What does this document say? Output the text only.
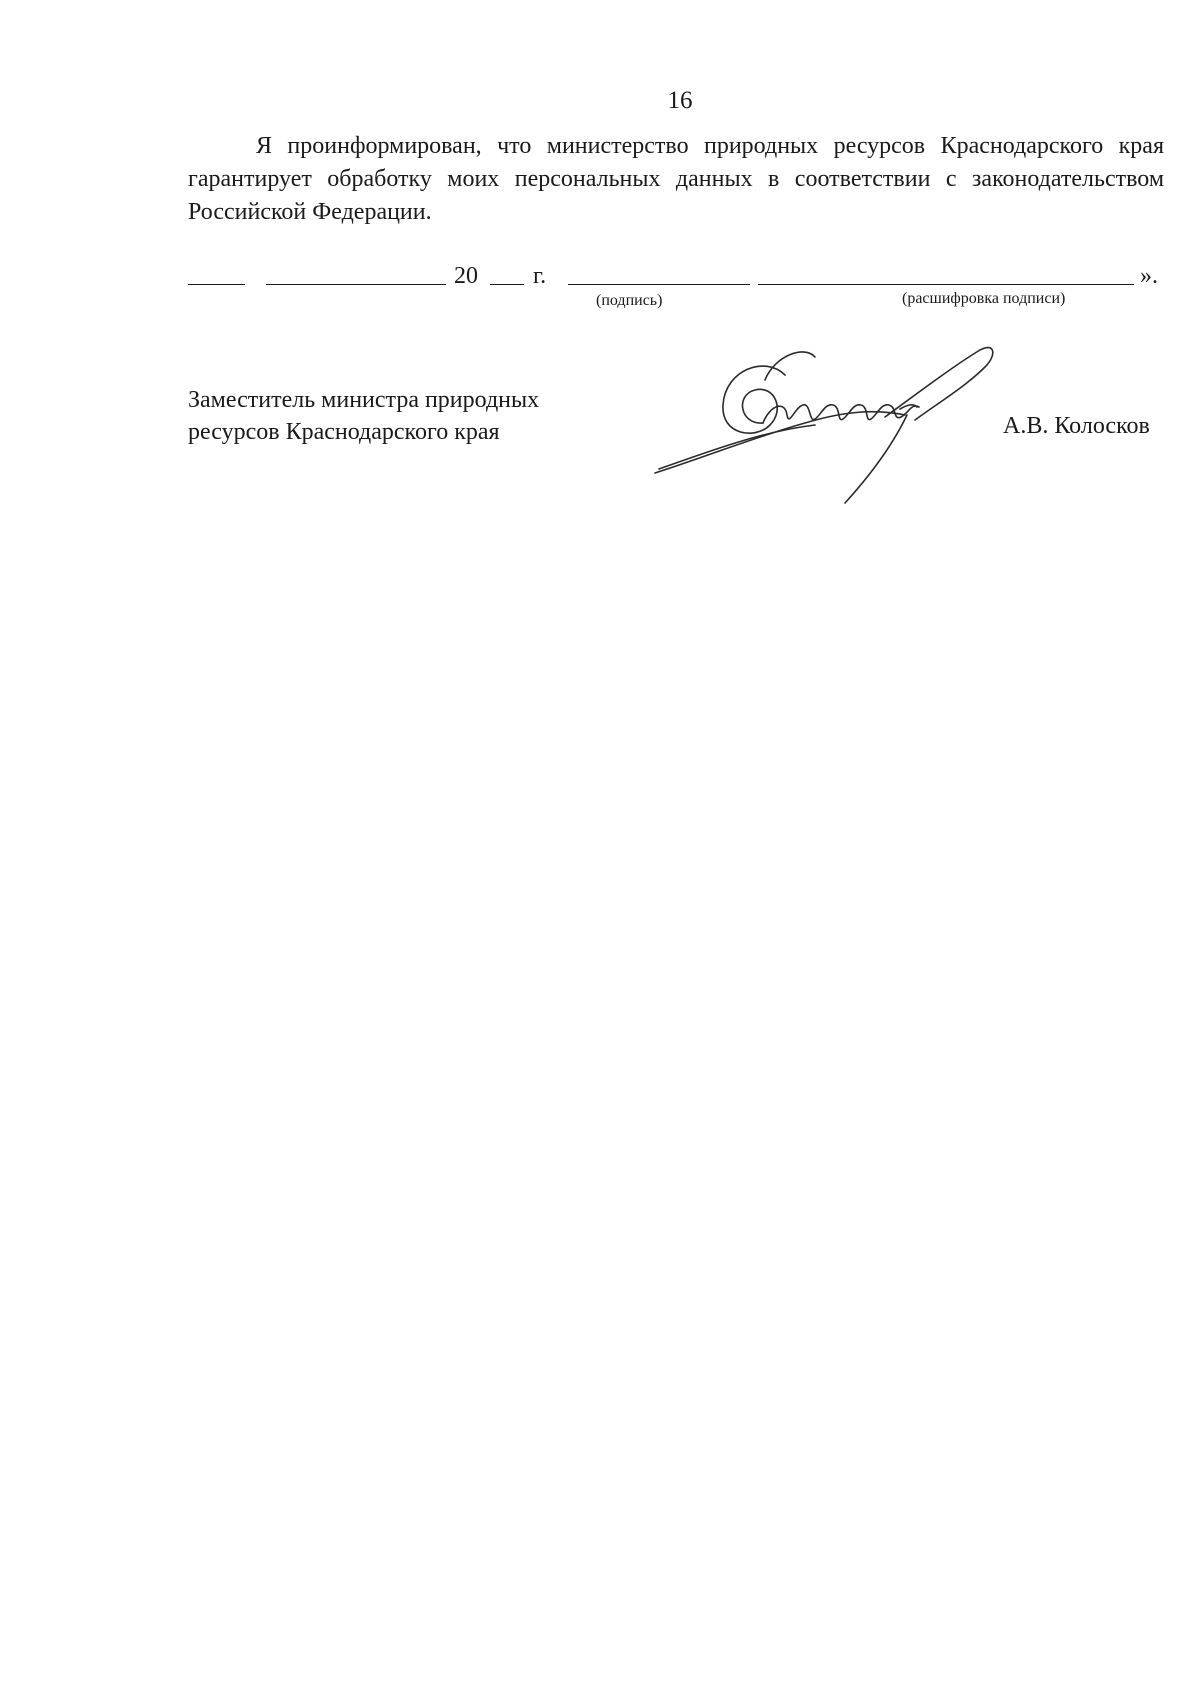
16

Я проинформирован, что министерство природных ресурсов Краснодарского края гарантирует обработку моих персональных данных в соответствии с законодательством Российской Федерации.

20 г.	».
(подпись)	(расшифровка подписи)
Заместитель министра природных
ресурсов Краснодарского края	А.В. Колосков
